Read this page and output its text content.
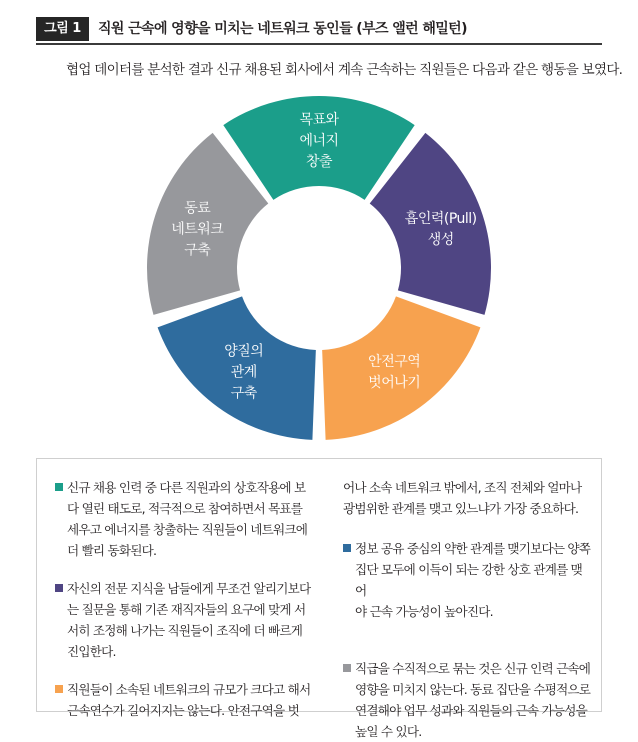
그림 1	직원 근속에 영향을 미치는 네트워크 동인들 (부즈 앨런 해밀턴)
협업 데이터를 분석한 결과 신규 채용된 회사에서 계속 근속하는 직원들은 다음과 같은 행동을 보였다.
목표와 에너지 창출
흡인력(Pull) 생성
안전구역 벗어나기
양질의 관계 구축
동료 네트워크 구축
신규 채용 인력 중 다른 직원과의 상호작용에 보
다 열린 태도로, 적극적으로 참여하면서 목표를
세우고 에너지를 창출하는 직원들이 네트워크에
더 빨리 동화된다.
자신의 전문 지식을 남들에게 무조건 알리기보다
는 질문을 통해 기존 재직자들의 요구에 맞게 서
서히 조정해 나가는 직원들이 조직에 더 빠르게
진입한다.
직원들이 소속된 네트워크의 규모가 크다고 해서
근속연수가 길어지지는 않는다. 안전구역을 벗
어나 소속 네트워크 밖에서, 조직 전체와 얼마나
광범위한 관계를 맺고 있느냐가 가장 중요하다.
정보 공유 중심의 약한 관계를 맺기보다는 양쪽
집단 모두에 이득이 되는 강한 상호 관계를 맺어
야 근속 가능성이 높아진다.
직급을 수직적으로 묶는 것은 신규 인력 근속에
영향을 미치지 않는다. 동료 집단을 수평적으로
연결해야 업무 성과와 직원들의 근속 가능성을
높일 수 있다.
